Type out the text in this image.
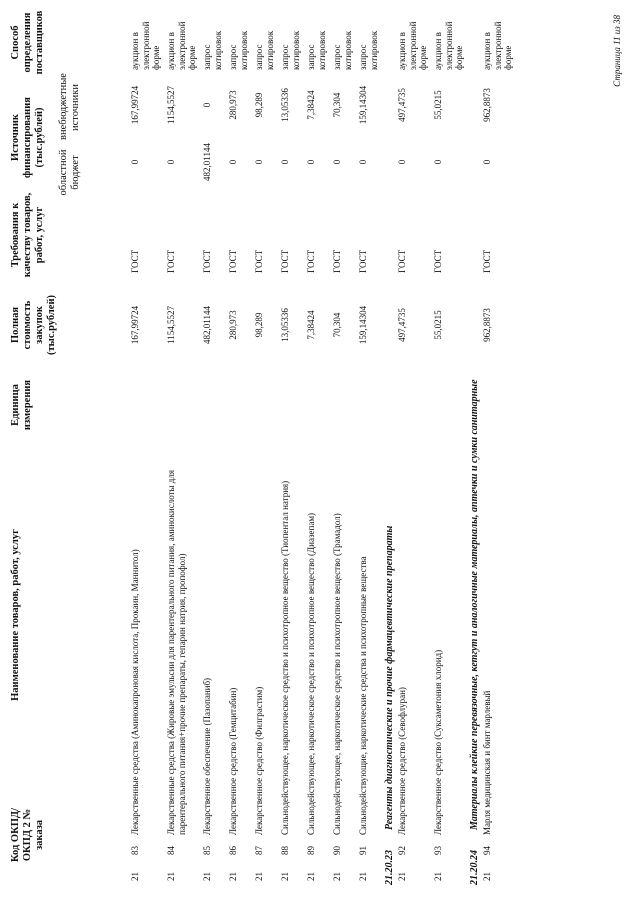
Код ОКПД/ ОКПД 2 № заказа
Наименование товаров, работ, услуг
Единица измерения
Полная стоимость закупок (тыс.рублей)
Требования к качеству товаров, работ, услуг
Источник финансирования (тыс.рублей)
областной бюджет
внебюджетные источники
Способ определения поставщиков
21
83
Лекарственные средства (Аминокапроновая кислота, Прокаин, Маннитол)
167,99724
ГОСТ
0
167,99724
аукцион в электронной форме
21
84
Лекарственные средства (Жировые эмульсии для парентерального питания, аминокислоты для парентерального питания+прочие препараты, гепарин натрия, пропофол)
1154,5527
ГОСТ
0
1154,5527
аукцион в электронной форме
21
85
Лекарственное обеспечение (Пазопаниб)
482,01144
ГОСТ
482,01144
0
запрос котировок
21
86
Лекарственное средство (Гемцитабин)
280,973
ГОСТ
0
280,973
запрос котировок
21
87
Лекарственное средство (Филграстим)
98,289
ГОСТ
0
98,289
запрос котировок
21
88
Сильнодействующее, наркотическое средство и психотропное вещество (Тиопентал натрия)
13,05336
ГОСТ
0
13,05336
запрос котировок
21
89
Сильнодействующее, наркотическое средство и психотропное вещество (Диазепам)
7,38424
ГОСТ
0
7,38424
запрос котировок
21
90
Сильнодействующее, наркотическое средство и психотропное вещество (Трамадол)
70,304
ГОСТ
0
70,304
запрос котировок
21
91
Сильнодействующие, наркотические средства и психотропные вещества
159,14304
ГОСТ
0
159,14304
запрос котировок
21.20.23
Реагенты диагностические и прочие фармацевтические препараты
21
92
Лекарственное средство (Севофлуран)
497,4735
ГОСТ
0
497,4735
аукцион в электронной форме
21
93
Лекарственное средство (Суксаметония хлорид)
55,0215
ГОСТ
0
55,0215
аукцион в электронной форме
21.20.24
Материалы клейкие перевязочные, кетгут и аналогичные материалы, аптечки и сумки санитарные
21
94
Марля медицинская и бинт марлевый
962,8873
ГОСТ
0
962,8873
аукцион в электронной форме	Страница 11 из 38
